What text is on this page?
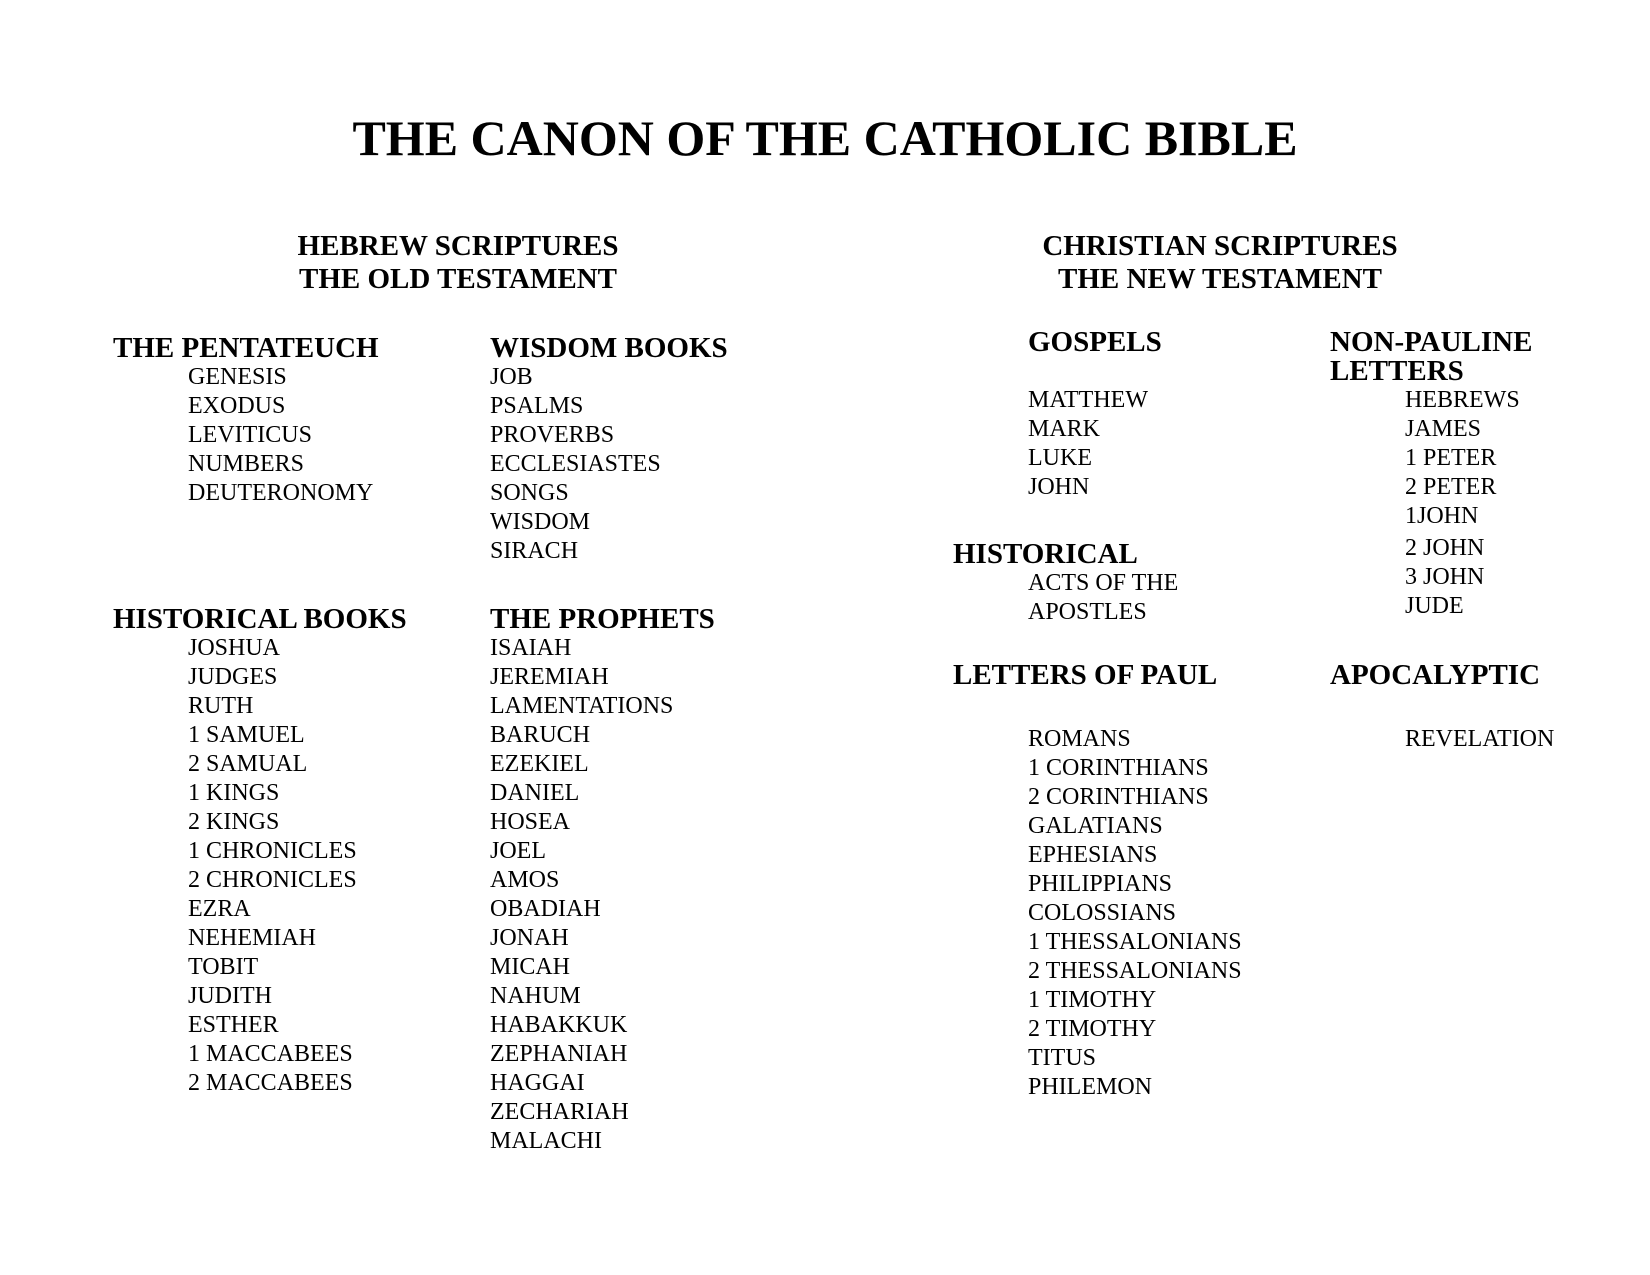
THE CANON OF THE CATHOLIC BIBLE
HEBREW SCRIPTURES
THE OLD TESTAMENT
CHRISTIAN SCRIPTURES
THE NEW TESTAMENT
THE PENTATEUCH
GENESIS
EXODUS
LEVITICUS
NUMBERS
DEUTERONOMY
WISDOM BOOKS
JOB
PSALMS
PROVERBS
ECCLESIASTES
SONGS
WISDOM
SIRACH
HISTORICAL BOOKS
JOSHUA
JUDGES
RUTH
1 SAMUEL
2 SAMUAL
1 KINGS
2 KINGS
1 CHRONICLES
2 CHRONICLES
EZRA
NEHEMIAH
TOBIT
JUDITH
ESTHER
1 MACCABEES
2 MACCABEES
THE PROPHETS
ISAIAH
JEREMIAH
LAMENTATIONS
BARUCH
EZEKIEL
DANIEL
HOSEA
JOEL
AMOS
OBADIAH
JONAH
MICAH
NAHUM
HABAKKUK
ZEPHANIAH
HAGGAI
ZECHARIAH
MALACHI
GOSPELS
MATTHEW
MARK
LUKE
JOHN
HISTORICAL
ACTS OF THE
APOSTLES
LETTERS OF PAUL
ROMANS
1 CORINTHIANS
2 CORINTHIANS
GALATIANS
EPHESIANS
PHILIPPIANS
COLOSSIANS
1 THESSALONIANS
2 THESSALONIANS
1 TIMOTHY
2 TIMOTHY
TITUS
PHILEMON
NON-PAULINE
LETTERS
HEBREWS
JAMES
1 PETER
2 PETER
1JOHN
2 JOHN
3 JOHN
JUDE
APOCALYPTIC
REVELATION
